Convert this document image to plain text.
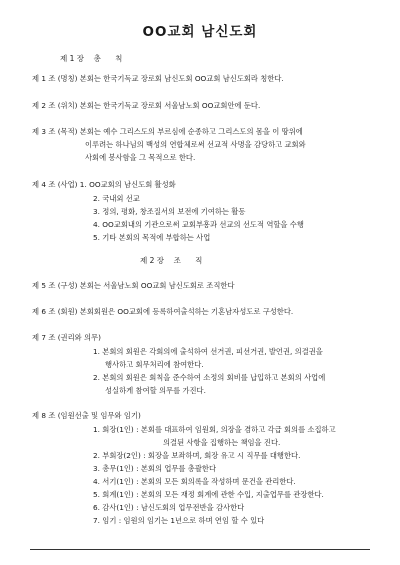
OO교회 남신도회
제 1 장    총      칙
제 1 조 (명칭) 본회는 한국기독교 장로회 남신도회 OO교회 남신도회라 칭한다.
제 2 조 (위치) 본회는 한국기독교 장로회 서울남노회 OO교회안에 둔다.
제 3 조 (목적) 본회는 예수 그리스도의 부르심에 순종하고 그리스도의 몸을 이 땅위에
이루려는 하나님의 백성의 연합체로써 선교적 사명을 감당하고 교회와
사회에 봉사함을 그 목적으로 한다.
제 4 조 (사업) 1. OO교회의 남신도회 활성화
2. 국내외 선교
3. 정의, 평화, 창조질서의 보전에 기여하는 활동
4. OO교회내의 기관으로써 교회부흥과 선교의 선도적 역할을 수행
5. 기타 본회의 목적에 부합하는 사업
제 2 장    조      직
제 5 조 (구성) 본회는 서울남노회 OO교회 남신도회로 조직한다
제 6 조 (회원) 본회회원은 OO교회에 등록하여출석하는 기혼남자성도로 구성한다.
제 7 조 (권리와 의무)
1. 본회의 회원은 각회의에 출석하여 선거권, 피선거권, 발언권, 의결권을
행사하고 회무처리에 참여한다.
2. 본회의 회원은 회칙을 준수하여 소정의 회비를 납입하고 본회의 사업에
성실하게 참여할 의무를 가진다.
제 8 조 (임원선출 및 임무와 임기)
1. 회장(1인) : 본회를 대표하여 임원회, 의장을 겸하고 각급 회의를 소집하고
의결된 사항을 집행하는 책임을 진다.
2. 부회장(2인) : 회장을 보좌하며, 회장 유고 시 직무를 대행한다.
3. 총무(1인) : 본회의 업무를 총괄한다
4. 서기(1인) : 본회의 모든 회의록을 작성하며 문건을 관리한다.
5. 회계(1인) : 본회의 모든 재정 회계에 관한 수입, 지출업무를 관장한다.
6. 감사(1인) : 남신도회의 업무전반을 감사한다
7. 임기 : 임원의 임기는 1년으로 하며 연임 할 수 있다
